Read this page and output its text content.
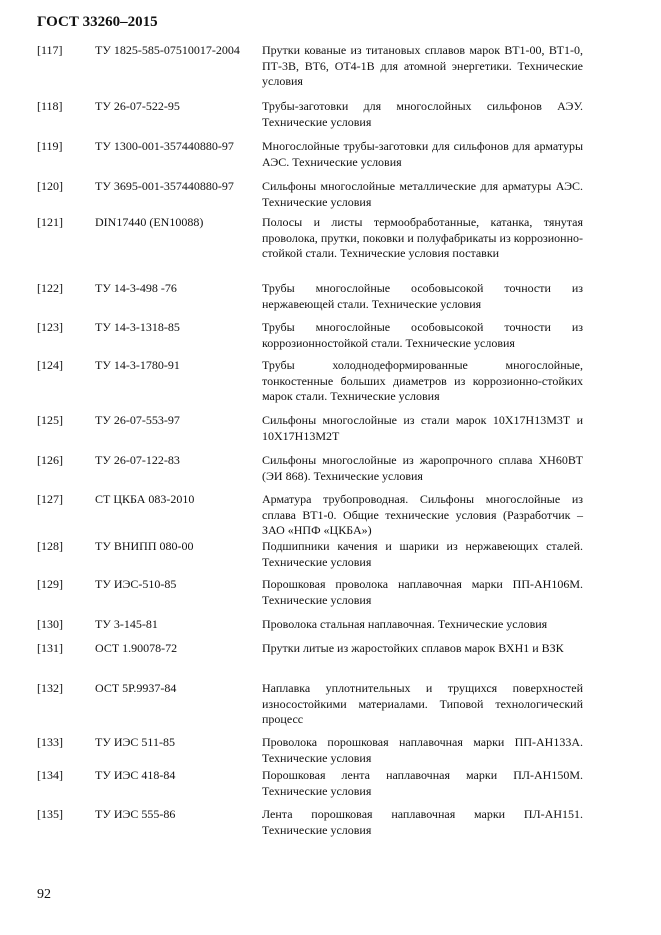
ГОСТ 33260–2015
[117]	ТУ 1825-585-07510017-2004	Прутки кованые из титановых сплавов марок ВТ1-00, ВТ1-0, ПТ-3В, ВТ6, ОТ4-1В для атомной энергетики. Технические условия
[118]	ТУ 26-07-522-95	Трубы-заготовки для многослойных сильфонов АЭУ. Технические условия
[119]	ТУ 1300-001-357440880-97	Многослойные трубы-заготовки для сильфонов для арматуры АЭС. Технические условия
[120]	ТУ 3695-001-357440880-97	Сильфоны многослойные металлические для арматуры АЭС. Технические условия
[121]	DIN17440 (EN10088)	Полосы и листы термообработанные, катанка, тянутая проволока, прутки, поковки и полуфабрикаты из коррозионно-стойкой стали. Технические условия поставки
[122]	ТУ 14-3-498 -76	Трубы многослойные особовысокой точности из нержавеющей стали. Технические условия
[123]	ТУ 14-3-1318-85	Трубы многослойные особовысокой точности из коррозионностойкой стали. Технические условия
[124]	ТУ 14-3-1780-91	Трубы холоднодеформированные многослойные, тонкостенные больших диаметров из коррозионно-стойких марок стали. Технические условия
[125]	ТУ 26-07-553-97	Сильфоны многослойные из стали марок 10Х17Н13М3Т и 10Х17Н13М2Т
[126]	ТУ 26-07-122-83	Сильфоны многослойные из жаропрочного сплава ХН60ВТ (ЭИ 868). Технические условия
[127]	СТ ЦКБА 083-2010	Арматура трубопроводная. Сильфоны многослойные из сплава ВТ1-0. Общие технические условия (Разработчик – ЗАО «НПФ «ЦКБА»)
[128]	ТУ ВНИПП 080-00	Подшипники качения и шарики из нержавеющих сталей. Технические условия
[129]	ТУ ИЭС-510-85	Порошковая проволока наплавочная марки ПП-АН106М. Технические условия
[130]	ТУ 3-145-81	Проволока стальная наплавочная. Технические условия
[131]	ОСТ 1.90078-72	Прутки литые из жаростойких сплавов марок ВХН1 и ВЗК
[132]	ОСТ 5Р.9937-84	Наплавка уплотнительных и трущихся поверхностей износостойкими материалами. Типовой технологический процесс
[133]	ТУ ИЭС 511-85	Проволока порошковая наплавочная марки ПП-АН133А. Технические условия
[134]	ТУ ИЭС 418-84	Порошковая лента наплавочная марки ПЛ-АН150М. Технические условия
[135]	ТУ ИЭС 555-86	Лента порошковая наплавочная марки ПЛ-АН151. Технические условия
92
